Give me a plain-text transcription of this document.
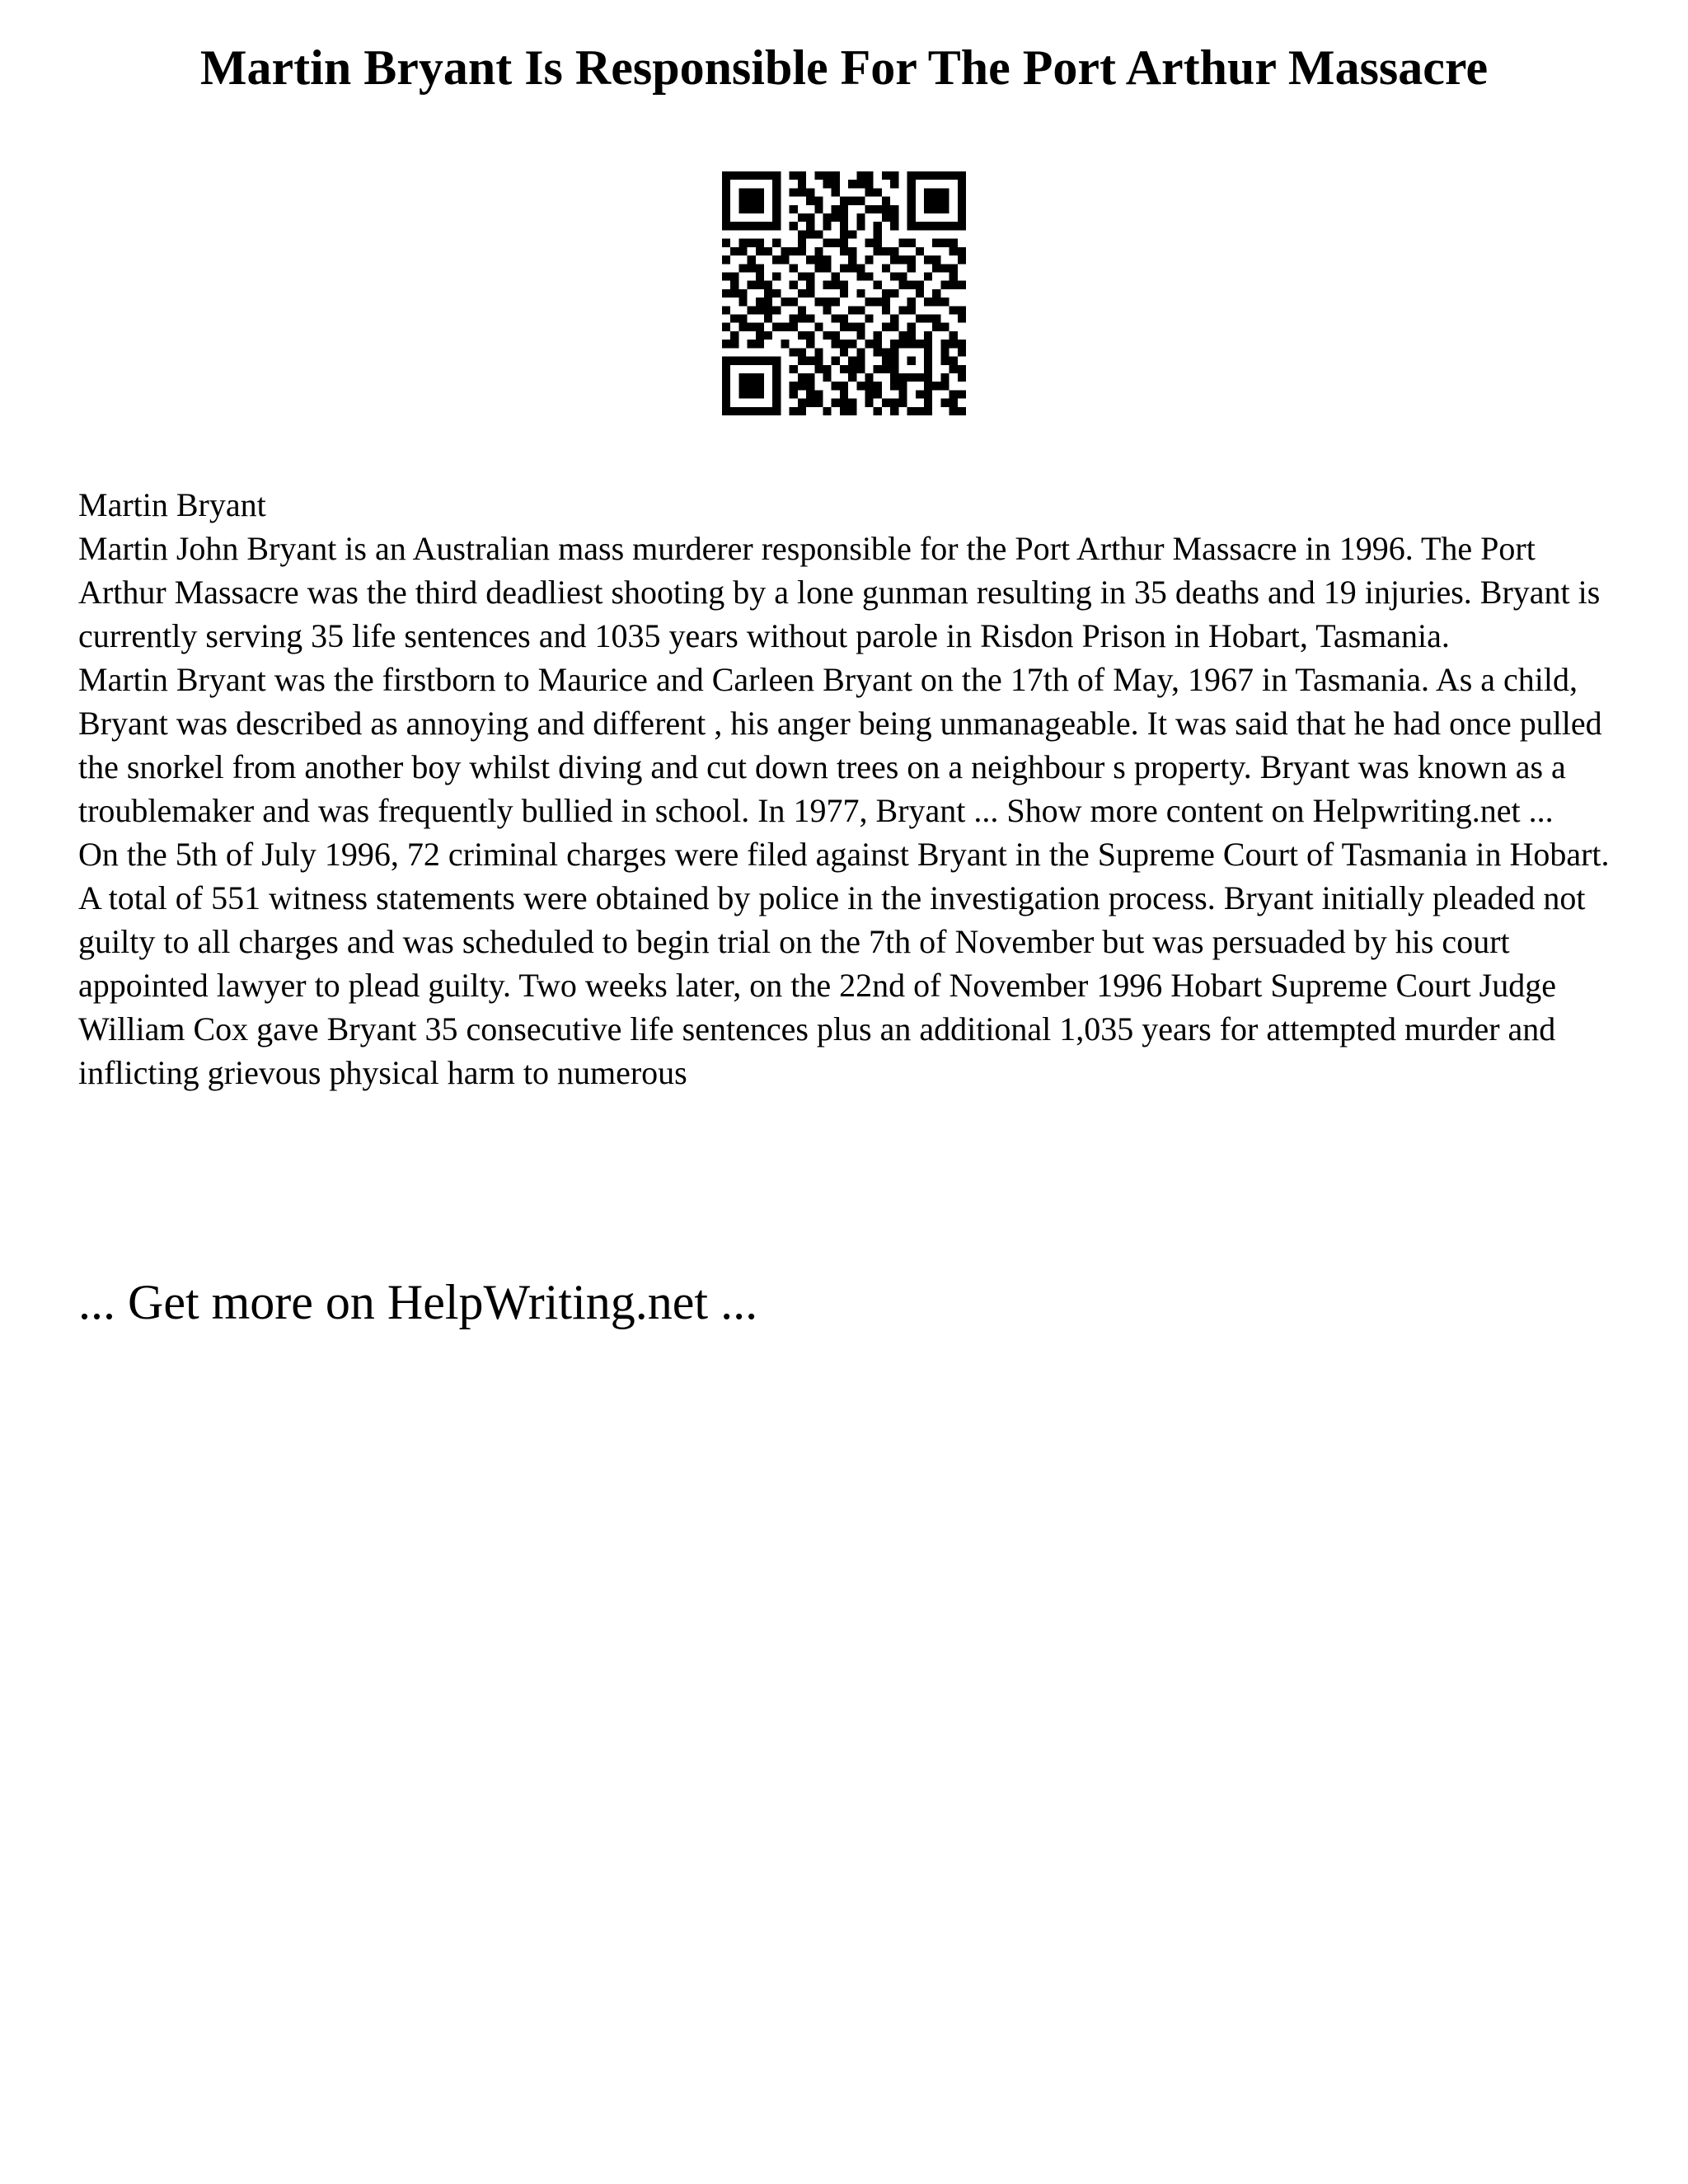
Martin Bryant Is Responsible For The Port Arthur Massacre

Martin Bryant

Martin John Bryant is an Australian mass murderer responsible for the Port Arthur Massacre in 1996. The Port Arthur Massacre was the third deadliest shooting by a lone gunman resulting in 35 deaths and 19 injuries. Bryant is currently serving 35 life sentences and 1035 years without parole in Risdon Prison in Hobart, Tasmania.

Martin Bryant was the firstborn to Maurice and Carleen Bryant on the 17th of May, 1967 in Tasmania. As a child, Bryant was described as annoying and different , his anger being unmanageable. It was said that he had once pulled the snorkel from another boy whilst diving and cut down trees on a neighbour s property. Bryant was known as a troublemaker and was frequently bullied in school. In 1977, Bryant ... Show more content on Helpwriting.net ...

On the 5th of July 1996, 72 criminal charges were filed against Bryant in the Supreme Court of Tasmania in Hobart. A total of 551 witness statements were obtained by police in the investigation process. Bryant initially pleaded not guilty to all charges and was scheduled to begin trial on the 7th of November but was persuaded by his court appointed lawyer to plead guilty. Two weeks later, on the 22nd of November 1996 Hobart Supreme Court Judge William Cox gave Bryant 35 consecutive life sentences plus an additional 1,035 years for attempted murder and inflicting grievous physical harm to numerous

... Get more on HelpWriting.net ...
